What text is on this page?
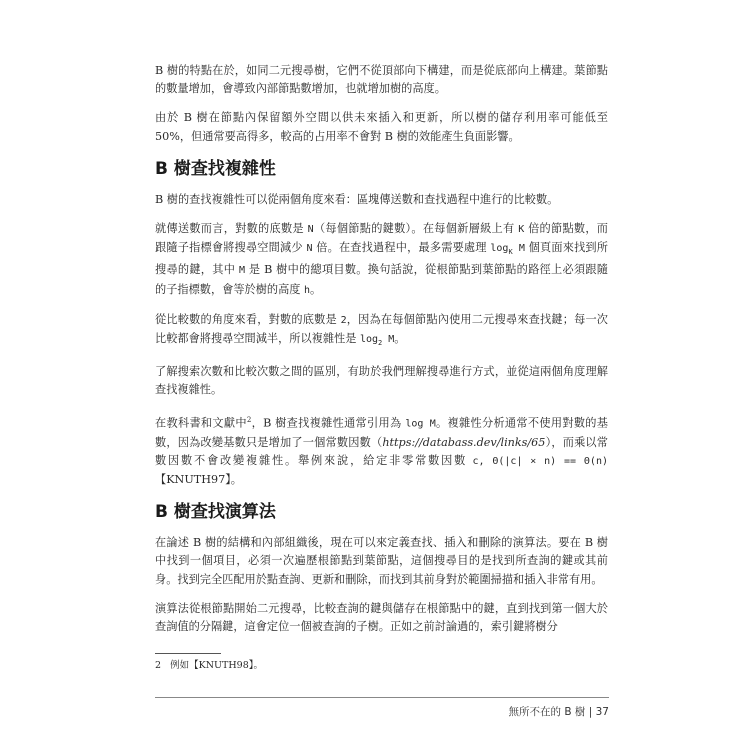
B 樹的特點在於，如同二元搜尋樹，它們不從頂部向下構建，而是從底部向上構建。葉節點的數量增加，會導致內部節點數增加，也就增加樹的高度。

由於 B 樹在節點內保留額外空間以供未來插入和更新，所以樹的儲存利用率可能低至 50%，但通常要高得多，較高的占用率不會對 B 樹的效能產生負面影響。

B 樹查找複雜性

B 樹的查找複雜性可以從兩個角度來看：區塊傳送數和查找過程中進行的比較數。

就傳送數而言，對數的底數是 N（每個節點的鍵數）。在每個新層級上有 K 倍的節點數，而跟隨子指標會將搜尋空間減少 N 倍。在查找過程中，最多需要處理 $\log_K M$ 個頁面來找到所搜尋的鍵，其中 M 是 B 樹中的總項目數。換句話說，從根節點到葉節點的路徑上必須跟隨的子指標數，會等於樹的高度 h。

從比較數的角度來看，對數的底數是 2，因為在每個節點內使用二元搜尋來查找鍵；每一次比較都會將搜尋空間減半，所以複雜性是 $\log_2 M$。

了解搜索次數和比較次數之間的區別，有助於我們理解搜尋進行方式，並從這兩個角度理解查找複雜性。

在教科書和文獻中$^2$，B 樹查找複雜性通常引用為 log M。複雜性分析通常不使用對數的基數，因為改變基數只是增加了一個常數因數（https://databass.dev/links/65），而乘以常數因數不會改變複雜性。舉例來說，給定非零常數因數 c, Θ(|c| × n) == Θ(n)【KNUTH97】。

B 樹查找演算法

在論述 B 樹的結構和內部組織後，現在可以來定義查找、插入和刪除的演算法。要在 B 樹中找到一個項目，必須一次遍歷根節點到葉節點，這個搜尋目的是找到所查詢的鍵或其前身。找到完全匹配用於點查詢、更新和刪除，而找到其前身對於範圍掃描和插入非常有用。

演算法從根節點開始二元搜尋，比較查詢的鍵與儲存在根節點中的鍵，直到找到第一個大於查詢值的分隔鍵，這會定位一個被查詢的子樹。正如之前討論過的，索引鍵將樹分

2 例如【KNUTH98】。
無所不在的 B 樹 | 37
